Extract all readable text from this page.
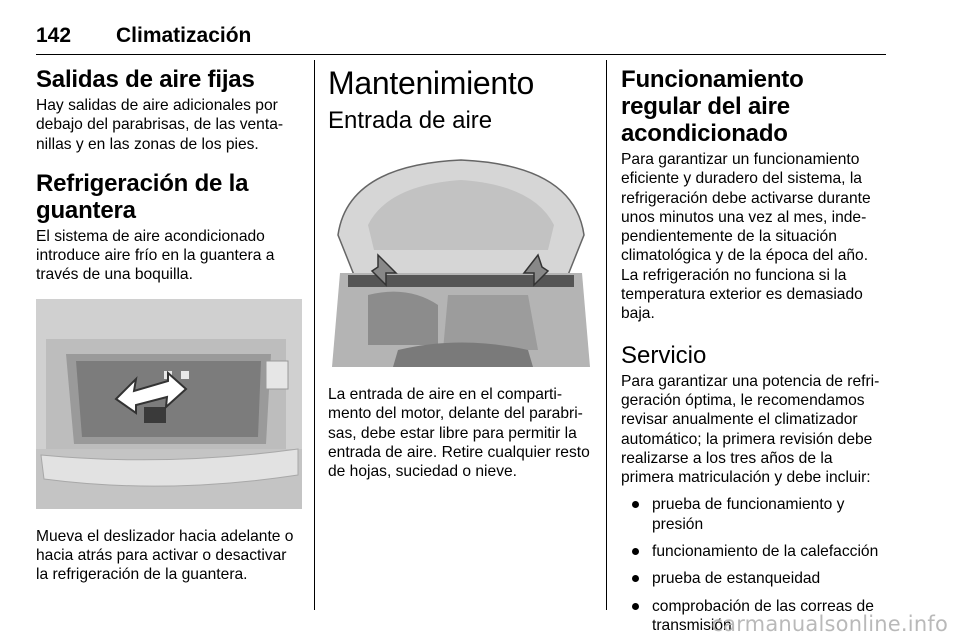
142 Climatización
Salidas de aire fijas

Hay salidas de aire adicionales por debajo del parabrisas, de las venta-nillas y en las zonas de los pies.

Refrigeración de la guantera

El sistema de aire acondicionado introduce aire frío en la guantera a través de una boquilla.

Mueva el deslizador hacia adelante o hacia atrás para activar o desactivar la refrigeración de la guantera.

Mantenimiento
Entrada de aire

La entrada de aire en el comparti-mento del motor, delante del parabri-sas, debe estar libre para permitir la entrada de aire. Retire cualquier resto de hojas, suciedad o nieve.

Funcionamiento regular del aire acondicionado

Para garantizar un funcionamiento eficiente y duradero del sistema, la refrigeración debe activarse durante unos minutos una vez al mes, inde-pendientemente de la situación climatológica y de la época del año. La refrigeración no funciona si la temperatura exterior es demasiado baja.

Servicio

Para garantizar una potencia de refri-geración óptima, le recomendamos revisar anualmente el climatizador automático; la primera revisión debe realizarse a los tres años de la primera matriculación y debe incluir:

prueba de funcionamiento y presión
funcionamiento de la calefacción
prueba de estanqueidad
comprobación de las correas de transmisión
carmanualsonline.info
